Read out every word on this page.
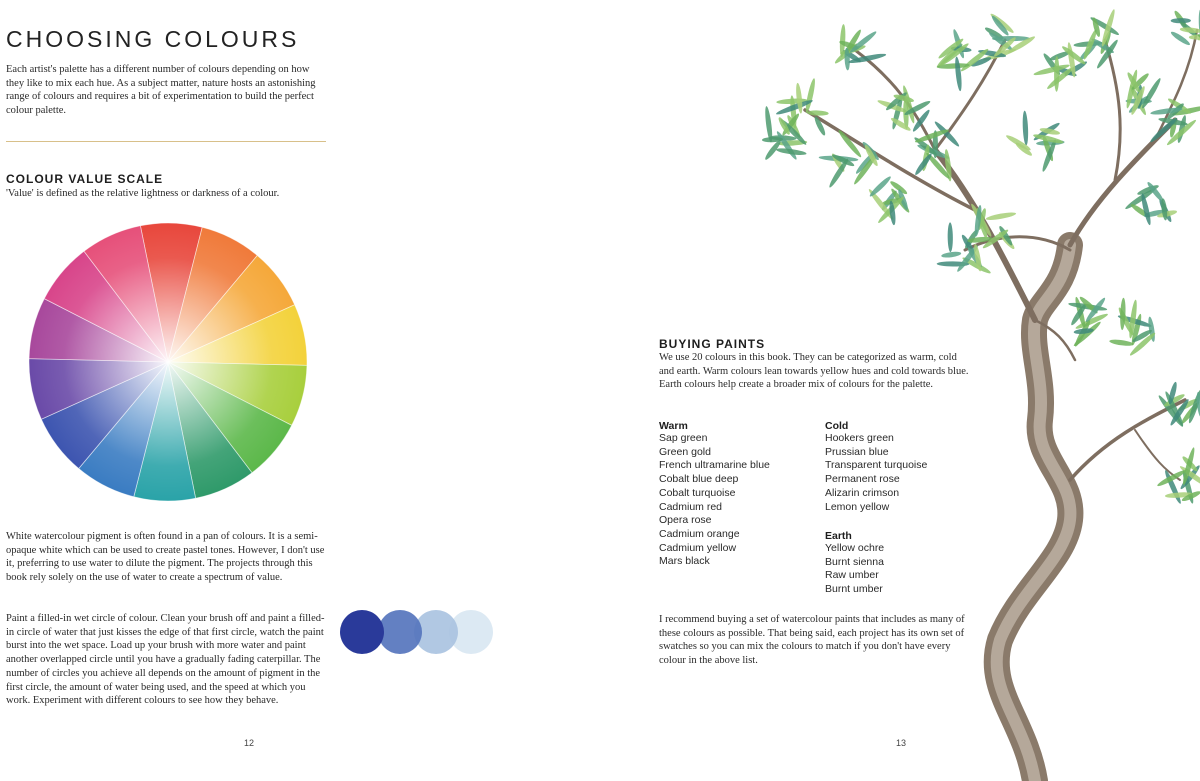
CHOOSING COLOURS
Each artist's palette has a different number of colours depending on how they like to mix each hue. As a subject matter, nature hosts an astonishing range of colours and requires a bit of experimentation to build the perfect colour palette.
COLOUR VALUE SCALE
'Value' is defined as the relative lightness or darkness of a colour.
White watercolour pigment is often found in a pan of colours. It is a semi-opaque white which can be used to create pastel tones. However, I don't use it, preferring to use water to dilute the pigment. The projects through this book rely solely on the use of water to create a spectrum of value.
Paint a filled-in wet circle of colour. Clean your brush off and paint a filled-in circle of water that just kisses the edge of that first circle, watch the paint burst into the wet space. Load up your brush with more water and paint another overlapped circle until you have a gradually fading caterpillar. The number of circles you achieve all depends on the amount of pigment in the first circle, the amount of water being used, and the speed at which you work. Experiment with different colours to see how they behave.
12
BUYING PAINTS
We use 20 colours in this book. They can be categorized as warm, cold and earth. Warm colours lean towards yellow hues and cold towards blue. Earth colours help create a broader mix of colours for the palette.
Warm
Sap green
Green gold
French ultramarine blue
Cobalt blue deep
Cobalt turquoise
Cadmium red
Opera rose
Cadmium orange
Cadmium yellow
Mars black
Cold
Hookers green
Prussian blue
Transparent turquoise
Permanent rose
Alizarin crimson
Lemon yellow
Earth
Yellow ochre
Burnt sienna
Raw umber
Burnt umber
I recommend buying a set of watercolour paints that includes as many of these colours as possible. That being said, each project has its own set of swatches so you can mix the colours to match if you don't have every colour in the above list.
13
